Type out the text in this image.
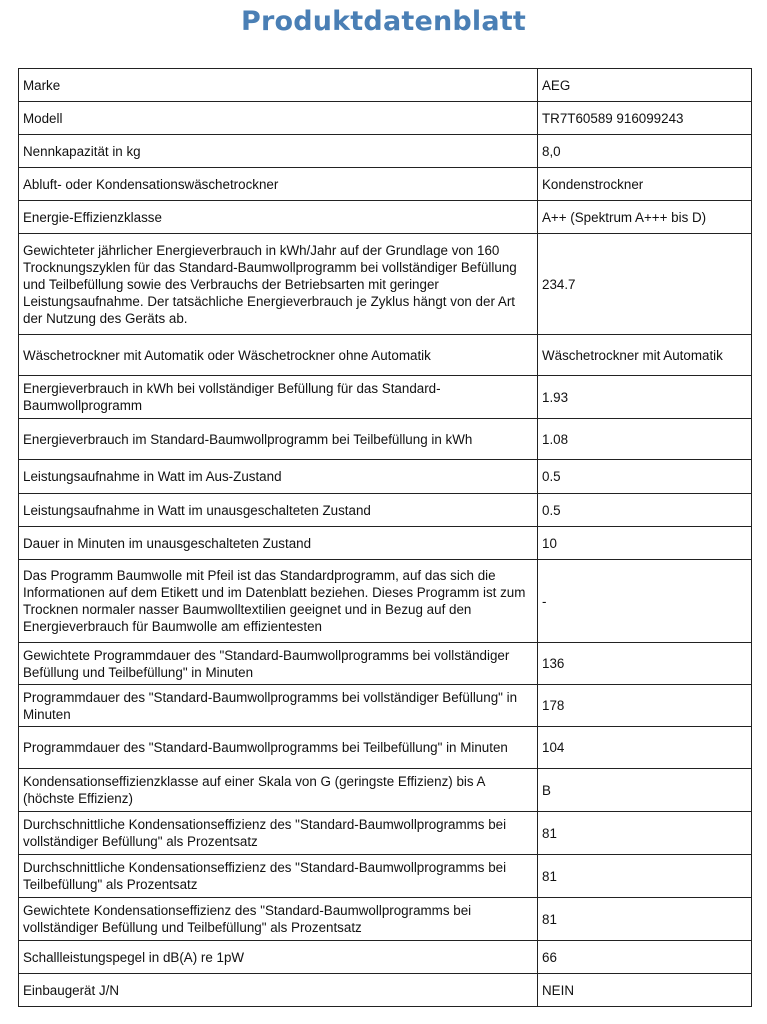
Produktdatenblatt
Marke	AEG
Modell	TR7T60589 916099243
Nennkapazität in kg	8,0
Abluft- oder Kondensationswäschetrockner	Kondenstrockner
Energie-Effizienzklasse	A++ (Spektrum A+++ bis D)
Gewichteter jährlicher Energieverbrauch in kWh/Jahr auf der Grundlage von 160 Trocknungszyklen für das Standard-Baumwollprogramm bei vollständiger Befüllung und Teilbefüllung sowie des Verbrauchs der Betriebsarten mit geringer Leistungsaufnahme. Der tatsächliche Energieverbrauch je Zyklus hängt von der Art der Nutzung des Geräts ab.	234.7
Wäschetrockner mit Automatik oder Wäschetrockner ohne Automatik	Wäschetrockner mit Automatik
Energieverbrauch in kWh bei vollständiger Befüllung für das Standard-Baumwollprogramm	1.93
Energieverbrauch im Standard-Baumwollprogramm bei Teilbefüllung in kWh	1.08
Leistungsaufnahme in Watt im Aus-Zustand	0.5
Leistungsaufnahme in Watt im unausgeschalteten Zustand	0.5
Dauer in Minuten im unausgeschalteten Zustand	10
Das Programm Baumwolle mit Pfeil ist das Standardprogramm, auf das sich die Informationen auf dem Etikett und im Datenblatt beziehen. Dieses Programm ist zum Trocknen normaler nasser Baumwolltextilien geeignet und in Bezug auf den Energieverbrauch für Baumwolle am effizientesten	-
Gewichtete Programmdauer des "Standard-Baumwollprogramms bei vollständiger Befüllung und Teilbefüllung" in Minuten	136
Programmdauer des "Standard-Baumwollprogramms bei vollständiger Befüllung" in Minuten	178
Programmdauer des "Standard-Baumwollprogramms bei Teilbefüllung" in Minuten	104
Kondensationseffizienzklasse auf einer Skala von G (geringste Effizienz) bis A (höchste Effizienz)	B
Durchschnittliche Kondensationseffizienz des "Standard-Baumwollprogramms bei vollständiger Befüllung" als Prozentsatz	81
Durchschnittliche Kondensationseffizienz des "Standard-Baumwollprogramms bei Teilbefüllung" als Prozentsatz	81
Gewichtete Kondensationseffizienz des "Standard-Baumwollprogramms bei vollständiger Befüllung und Teilbefüllung" als Prozentsatz	81
Schallleistungspegel in dB(A) re 1pW	66
Einbaugerät J/N	NEIN
